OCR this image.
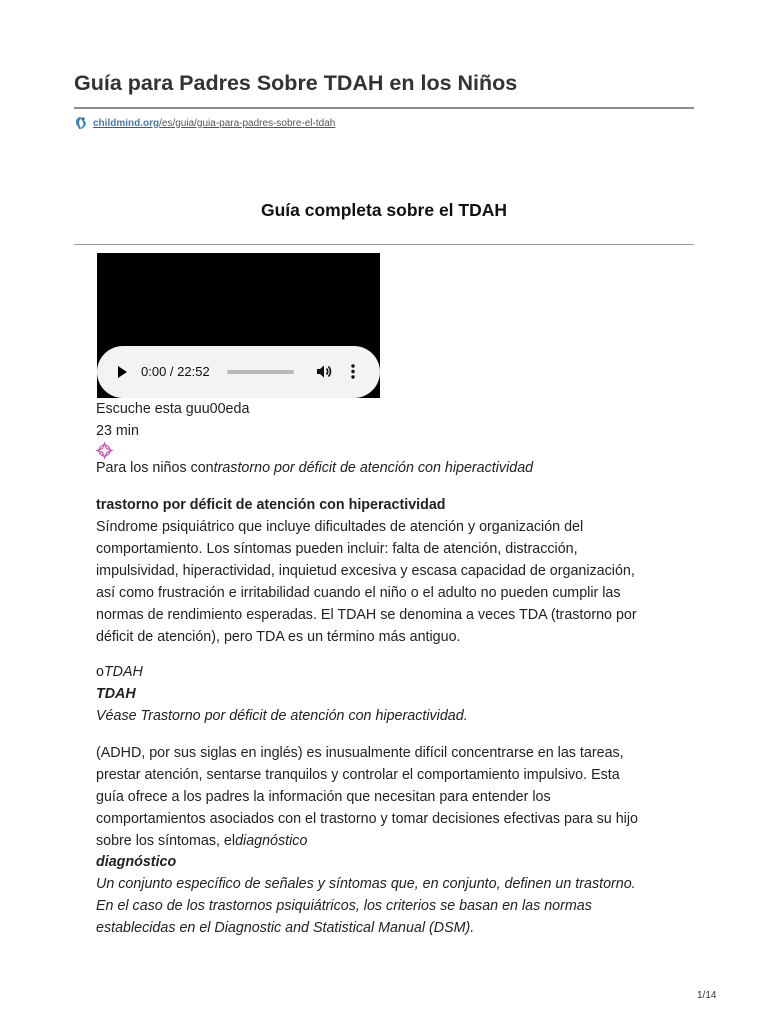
Guía para Padres Sobre TDAH en los Niños
childmind.org/es/guia/guia-para-padres-sobre-el-tdah
Guía completa sobre el TDAH
0:00 / 22:52
Escuche esta guu00eda
23 min
Para los niños contrastorno por déficit de atención con hiperactividad
trastorno por déficit de atención con hiperactividad
Síndrome psiquiátrico que incluye dificultades de atención y organización del
comportamiento. Los síntomas pueden incluir: falta de atención, distracción,
impulsividad, hiperactividad, inquietud excesiva y escasa capacidad de organización,
así como frustración e irritabilidad cuando el niño o el adulto no pueden cumplir las
normas de rendimiento esperadas. El TDAH se denomina a veces TDA (trastorno por
déficit de atención), pero TDA es un término más antiguo.
oTDAH
TDAH
Véase Trastorno por déficit de atención con hiperactividad.
(ADHD, por sus siglas en inglés) es inusualmente difícil concentrarse en las tareas,
prestar atención, sentarse tranquilos y controlar el comportamiento impulsivo. Esta
guía ofrece a los padres la información que necesitan para entender los
comportamientos asociados con el trastorno y tomar decisiones efectivas para su hijo
sobre los síntomas, eldiagnóstico
diagnóstico
Un conjunto específico de señales y síntomas que, en conjunto, definen un trastorno.
En el caso de los trastornos psiquiátricos, los criterios se basan en las normas
establecidas en el Diagnostic and Statistical Manual (DSM).
1/14
